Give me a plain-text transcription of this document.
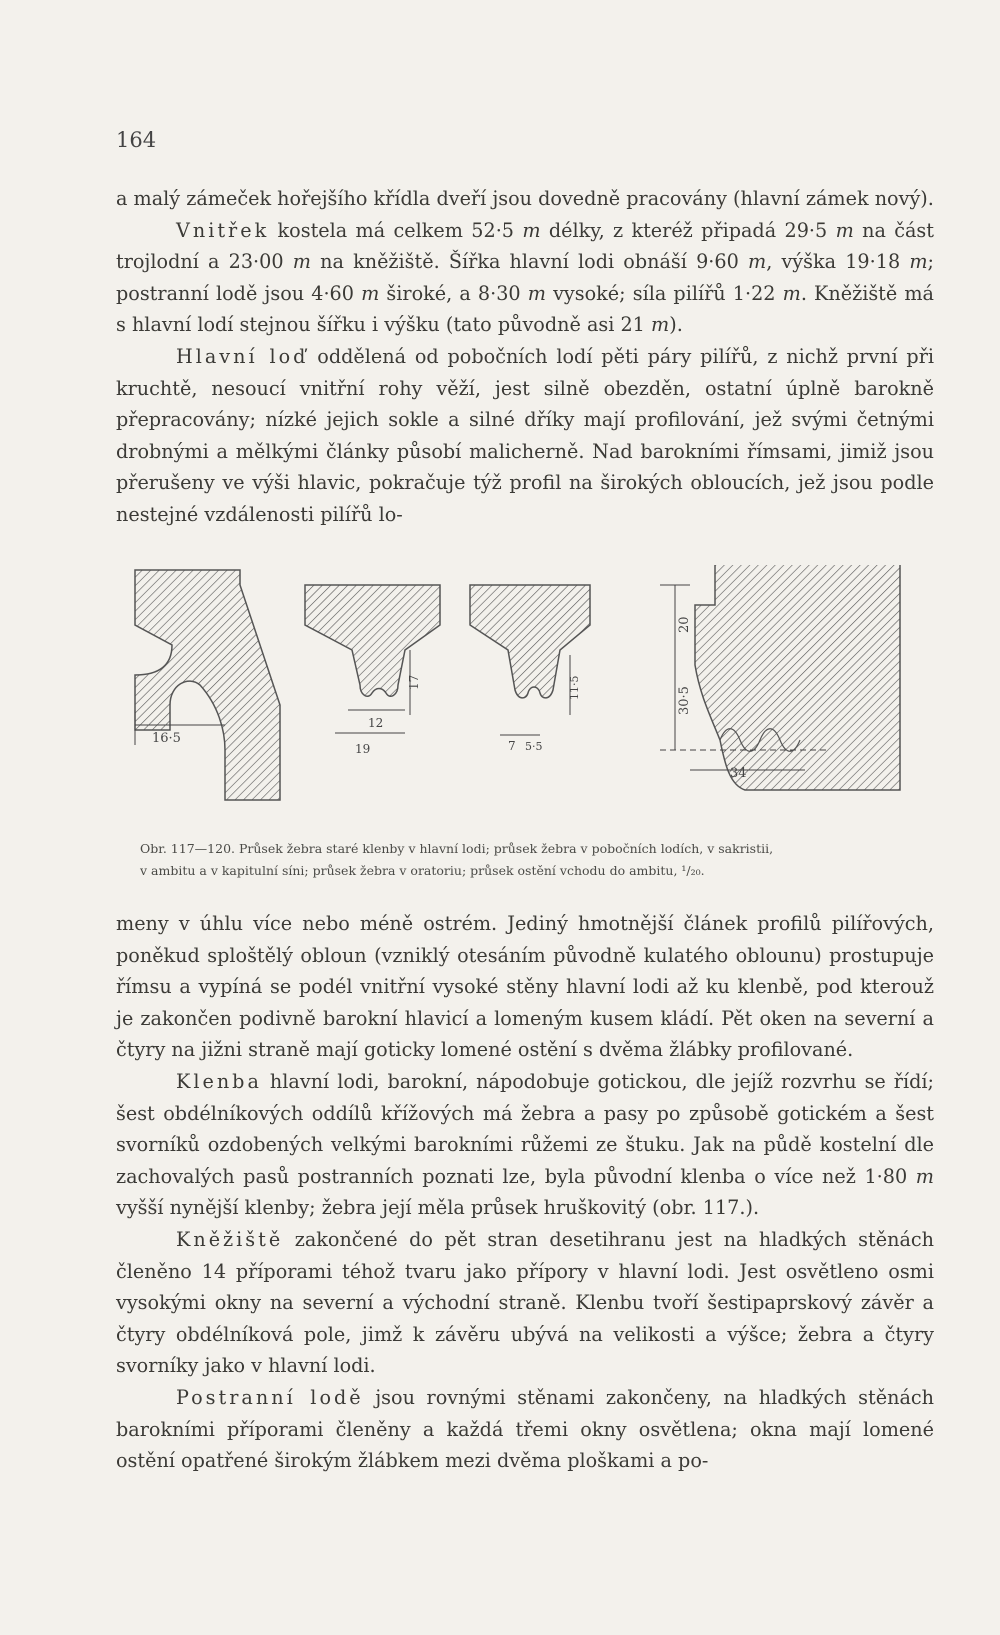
164

a malý zámeček hořejšího křídla dveří jsou dovedně pracovány (hlavní zámek nový).

Vnitřek kostela má celkem 52·5 m délky, z kteréž připadá 29·5 m na část trojlodní a 23·00 m na kněžiště. Šířka hlavní lodi obnáší 9·60 m, výška 19·18 m; postranní lodě jsou 4·60 m široké, a 8·30 m vysoké; síla pilířů 1·22 m. Kněžiště má s hlavní lodí stejnou šířku i výšku (tato původně asi 21 m).

Hlavní loď oddělená od pobočních lodí pěti páry pilířů, z nichž první při kruchtě, nesoucí vnitřní rohy věží, jest silně obezděn, ostatní úplně barokně přepracovány; nízké jejich sokle a silné dříky mají profilování, jež svými četnými drobnými a mělkými články působí malicherně. Nad barokními římsami, jimiž jsou přerušeny ve výši hlavic, pokračuje týž profil na širokých obloucích, jež jsou podle nestejné vzdálenosti pilířů lo-

16·5
12
19
17
7 5·5
11·5
20
30·5
34

Obr. 117—120. Průsek žebra staré klenby v hlavní lodi; průsek žebra v pobočních lodích, v sakristii,

v ambitu a v kapitulní síni; průsek žebra v oratoriu; průsek ostění vchodu do ambitu, ¹/₂₀.

meny v úhlu více nebo méně ostrém. Jediný hmotnější článek profilů pilířových, poněkud sploštělý obloun (vzniklý otesáním původně kulatého oblounu) prostupuje římsu a vypíná se podél vnitřní vysoké stěny hlavní lodi až ku klenbě, pod kterouž je zakončen podivně barokní hlavicí a lomeným kusem kládí. Pět oken na severní a čtyry na jižni straně mají goticky lomené ostění s dvěma žlábky profilované.

Klenba hlavní lodi, barokní, nápodobuje gotickou, dle jejíž rozvrhu se řídí; šest obdélníkových oddílů křížových má žebra a pasy po způsobě gotickém a šest svorníků ozdobených velkými barokními růžemi ze štuku. Jak na půdě kostelní dle zachovalých pasů postranních poznati lze, byla původní klenba o více než 1·80 m vyšší nynější klenby; žebra její měla průsek hruškovitý (obr. 117.).

Kněžiště zakončené do pět stran desetihranu jest na hladkých stěnách členěno 14 příporami téhož tvaru jako přípory v hlavní lodi. Jest osvětleno osmi vysokými okny na severní a východní straně. Klenbu tvoří šestipaprskový závěr a čtyry obdélníková pole, jimž k závěru ubývá na velikosti a výšce; žebra a čtyry svorníky jako v hlavní lodi.

Postranní lodě jsou rovnými stěnami zakončeny, na hladkých stěnách barokními příporami členěny a každá třemi okny osvětlena; okna mají lomené ostění opatřené širokým žlábkem mezi dvěma ploškami a po-
